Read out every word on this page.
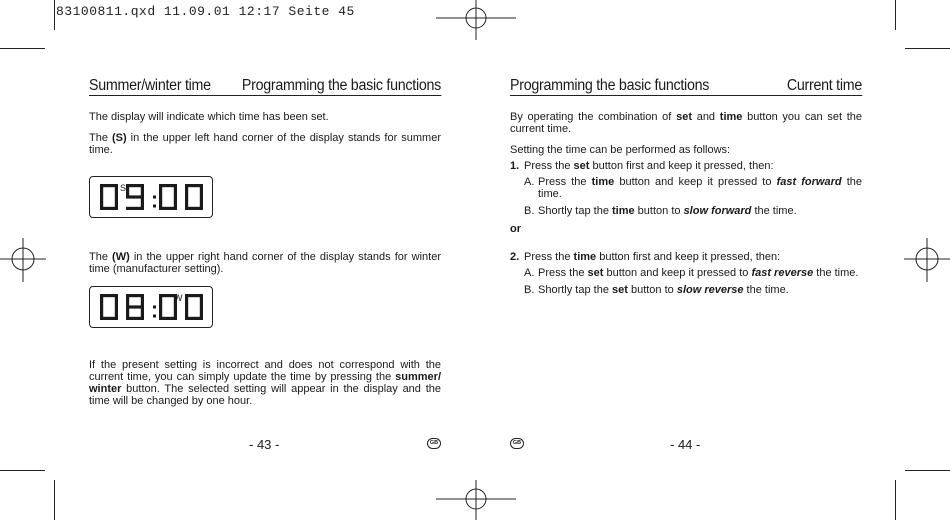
83100811.qxd 11.09.01 12:17 Seite 45
Summer/winter time Programming the basic functions

The display will indicate which time has been set.

The (S) in the upper left hand corner of the display stands for summer time.

S

The (W) in the upper right hand corner of the display stands for winter time (manufacturer setting).

W

If the present setting is incorrect and does not correspond with the current time, you can simply update the time by pressing the summer/ winter button. The selected setting will appear in the display and the time will be changed by one hour.

- 43 -	GB
Programming the basic functions	Current time

By operating the combination of set and time button you can set the current time.

Setting the time can be performed as follows:

1. Press the set button first and keep it pressed, then:
A. Press the time button and keep it pressed to fast forward the time.
B. Shortly tap the time button to slow forward the time.
or
2. Press the time button first and keep it pressed, then:
A. Press the set button and keep it pressed to fast reverse the time.
B. Shortly tap the set button to slow reverse the time.
GB	- 44 -
